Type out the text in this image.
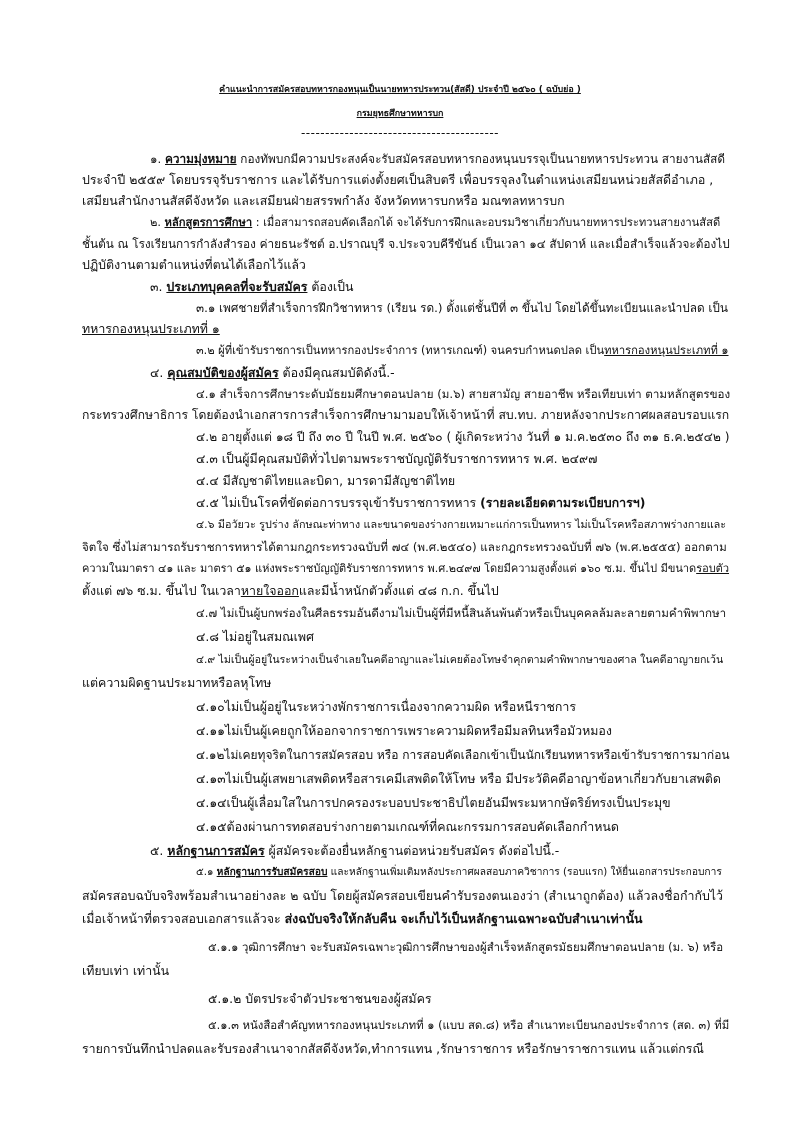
คำแนะนำการสมัครสอบทหารกองหนุนเป็นนายทหารประทวน(สัสดี) ประจำปี ๒๕๖๐ ( ฉบับย่อ )
กรมยุทธศึกษาทหารบก
-----------------------------------------
๑. ความมุ่งหมาย กองทัพบกมีความประสงค์จะรับสมัครสอบทหารกองหนุนบรรจุเป็นนายทหารประทวน สายงานสัสดี
ประจำปี ๒๕๕๙ โดยบรรจุรับราชการ และได้รับการแต่งตั้งยศเป็นสิบตรี เพื่อบรรจุลงในตำแหน่งเสมียนหน่วยสัสดีอำเภอ ,
เสมียนสำนักงานสัสดีจังหวัด และเสมียนฝ่ายสรรพกำลัง จังหวัดทหารบกหรือ มณฑลทหารบก
๒. หลักสูตรการศึกษา : เมื่อสามารถสอบคัดเลือกได้ จะได้รับการฝึกและอบรมวิชาเกี่ยวกับนายทหารประทวนสายงานสัสดี
ชั้นต้น ณ โรงเรียนการกำลังสำรอง ค่ายธนะรัชต์ อ.ปราณบุรี จ.ประจวบคีรีขันธ์ เป็นเวลา ๑๔ สัปดาห์ และเมื่อสำเร็จแล้วจะต้องไป
ปฏิบัติงานตามตำแหน่งที่ตนได้เลือกไว้แล้ว
๓. ประเภทบุคคลที่จะรับสมัคร ต้องเป็น
๓.๑ เพศชายที่สำเร็จการฝึกวิชาทหาร (เรียน รด.) ตั้งแต่ชั้นปีที่ ๓ ขึ้นไป โดยได้ขึ้นทะเบียนและนำปลด เป็น
ทหารกองหนุนประเภทที่ ๑
๓.๒ ผู้ที่เข้ารับราชการเป็นทหารกองประจำการ (ทหารเกณฑ์) จนครบกำหนดปลด เป็นทหารกองหนุนประเภทที่ ๑
๔. คุณสมบัติของผู้สมัคร ต้องมีคุณสมบัติดังนี้.-
๔.๑ สำเร็จการศึกษาระดับมัธยมศึกษาตอนปลาย (ม.๖) สายสามัญ สายอาชีพ หรือเทียบเท่า ตามหลักสูตรของ
กระทรวงศึกษาธิการ โดยต้องนำเอกสารการสำเร็จการศึกษามามอบให้เจ้าหน้าที่ สบ.ทบ. ภายหลังจากประกาศผลสอบรอบแรก
๔.๒ อายุตั้งแต่ ๑๘ ปี ถึง ๓๐ ปี ในปี พ.ศ. ๒๕๖๐ ( ผู้เกิดระหว่าง วันที่ ๑ ม.ค.๒๕๓๐ ถึง ๓๑ ธ.ค.๒๕๔๒ )
๔.๓ เป็นผู้มีคุณสมบัติทั่วไปตามพระราชบัญญัติรับราชการทหาร พ.ศ. ๒๔๙๗
๔.๔ มีสัญชาติไทยและบิดา, มารดามีสัญชาติไทย
๔.๕ ไม่เป็นโรคที่ขัดต่อการบรรจุเข้ารับราชการทหาร (รายละเอียดตามระเบียบการฯ)
๔.๖ มีอวัยวะ รูปร่าง ลักษณะท่าทาง และขนาดของร่างกายเหมาะแก่การเป็นทหาร ไม่เป็นโรคหรือสภาพร่างกายและ
จิตใจ ซึ่งไม่สามารถรับราชการทหารได้ตามกฎกระทรวงฉบับที่ ๗๔ (พ.ศ.๒๕๔๐) และกฎกระทรวงฉบับที่ ๗๖ (พ.ศ.๒๕๕๕) ออกตาม
ความในมาตรา ๔๑ และ มาตรา ๕๑ แห่งพระราชบัญญัติรับราชการทหาร พ.ศ.๒๔๙๗ โดยมีความสูงตั้งแต่ ๑๖๐ ซ.ม. ขึ้นไป มีขนาดรอบตัว
ตั้งแต่ ๗๖ ซ.ม. ขึ้นไป ในเวลาหายใจออกและมีน้ำหนักตัวตั้งแต่ ๔๘ ก.ก. ขึ้นไป
๔.๗ ไม่เป็นผู้บกพร่องในศีลธรรมอันดีงามไม่เป็นผู้ที่มีหนี้สินล้นพ้นตัวหรือเป็นบุคคลล้มละลายตามคำพิพากษา
๔.๘ ไม่อยู่ในสมณเพศ
๔.๙ ไม่เป็นผู้อยู่ในระหว่างเป็นจำเลยในคดีอาญาและไม่เคยต้องโทษจำคุกตามคำพิพากษาของศาล ในคดีอาญายกเว้น
แต่ความผิดฐานประมาทหรือลหุโทษ
๔.๑๐ไม่เป็นผู้อยู่ในระหว่างพักราชการเนื่องจากความผิด หรือหนีราชการ
๔.๑๑ไม่เป็นผู้เคยถูกให้ออกจากราชการเพราะความผิดหรือมีมลทินหรือมัวหมอง
๔.๑๒ไม่เคยทุจริตในการสมัครสอบ หรือ การสอบคัดเลือกเข้าเป็นนักเรียนทหารหรือเข้ารับราชการมาก่อน
๔.๑๓ไม่เป็นผู้เสพยาเสพติดหรือสารเคมีเสพติดให้โทษ หรือ มีประวัติคดีอาญาข้อหาเกี่ยวกับยาเสพติด
๔.๑๔เป็นผู้เลื่อมใสในการปกครองระบอบประชาธิปไตยอันมีพระมหากษัตริย์ทรงเป็นประมุข
๔.๑๕ต้องผ่านการทดสอบร่างกายตามเกณฑ์ที่คณะกรรมการสอบคัดเลือกกำหนด
๕. หลักฐานการสมัคร ผู้สมัครจะต้องยื่นหลักฐานต่อหน่วยรับสมัคร ดังต่อไปนี้.-
๕.๑ หลักฐานการรับสมัครสอบ และหลักฐานเพิ่มเติมหลังประกาศผลสอบภาควิชาการ (รอบแรก) ให้ยื่นเอกสารประกอบการ
สมัครสอบฉบับจริงพร้อมสำเนาอย่างละ ๒ ฉบับ โดยผู้สมัครสอบเขียนคำรับรองตนเองว่า (สำเนาถูกต้อง) แล้วลงชื่อกำกับไว้
เมื่อเจ้าหน้าที่ตรวจสอบเอกสารแล้วจะ ส่งฉบับจริงให้กลับคืน จะเก็บไว้เป็นหลักฐานเฉพาะฉบับสำเนาเท่านั้น
๕.๑.๑ วุฒิการศึกษา จะรับสมัครเฉพาะวุฒิการศึกษาของผู้สำเร็จหลักสูตรมัธยมศึกษาตอนปลาย (ม. ๖) หรือ
เทียบเท่า เท่านั้น
๕.๑.๒ บัตรประจำตัวประชาชนของผู้สมัคร
๕.๑.๓ หนังสือสำคัญทหารกองหนุนประเภทที่ ๑ (แบบ สด.๘) หรือ สำเนาทะเบียนกองประจำการ (สด. ๓) ที่มี
รายการบันทึกนำปลดและรับรองสำเนาจากสัสดีจังหวัด,ทำการแทน ,รักษาราชการ หรือรักษาราชการแทน แล้วแต่กรณี
